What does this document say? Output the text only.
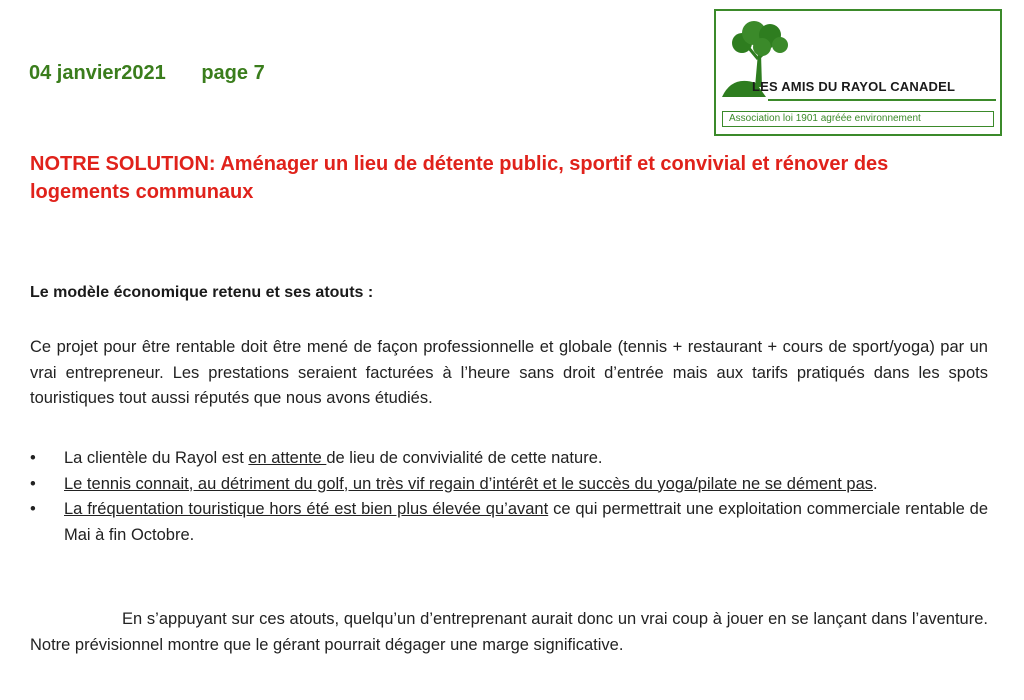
04 janvier2021 page 7
LES AMIS DU RAYOL CANADEL
Association loi 1901 agréée environnement
NOTRE SOLUTION: Aménager un lieu de détente public, sportif et convivial et rénover des logements communaux
Le modèle économique retenu et ses atouts :
Ce projet pour être rentable doit être mené de façon professionnelle et globale (tennis + restaurant + cours de sport/yoga) par un vrai entrepreneur. Les prestations seraient facturées à l’heure sans droit d’entrée mais aux tarifs pratiqués dans les spots touristiques tout aussi réputés que nous avons étudiés.
• La clientèle du Rayol est en attente de lieu de convivialité de cette nature.
• Le tennis connait, au détriment du golf, un très vif regain d’intérêt et le succès du yoga/pilate ne se dément pas.
• La fréquentation touristique hors été est bien plus élevée qu’avant ce qui permettrait une exploitation commerciale rentable de Mai à fin Octobre.
En s’appuyant sur ces atouts, quelqu’un d’entreprenant aurait donc un vrai coup à jouer en se lançant dans l’aventure. Notre prévisionnel montre que le gérant pourrait dégager une marge significative.
